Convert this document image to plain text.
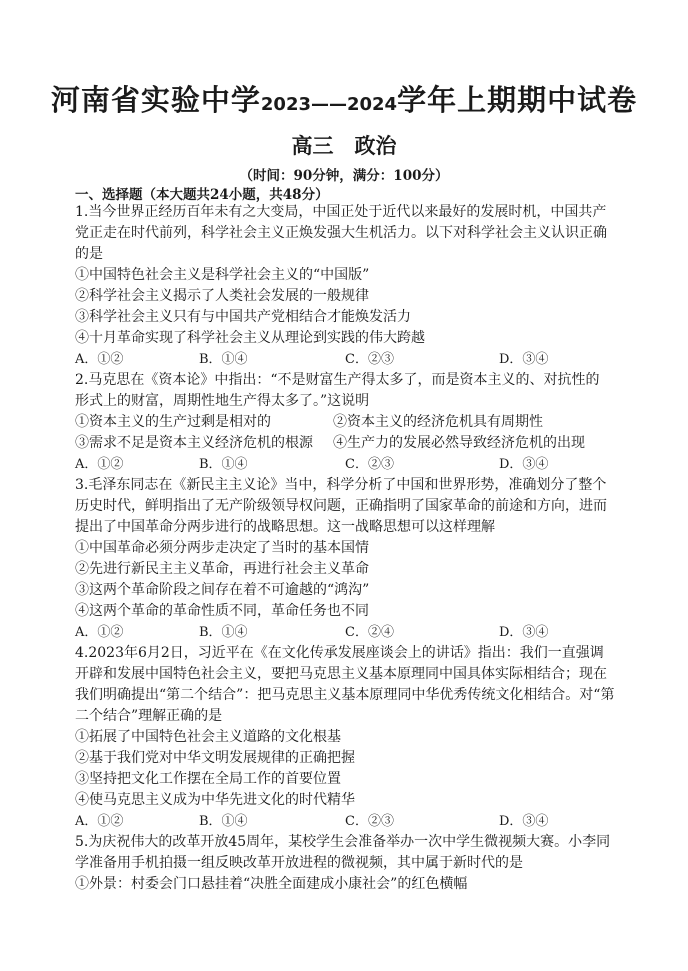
河南省实验中学2023——2024学年上期期中试卷
高三　政治
（时间：90分钟，满分：100分）
一、选择题（本大题共24小题，共48分）

1.当今世界正经历百年未有之大变局，中国正处于近代以来最好的发展时机，中国共产

党正走在时代前列，科学社会主义正焕发强大生机活力。以下对科学社会主义认识正确

的是

①中国特色社会主义是科学社会主义的“中国版”

②科学社会主义揭示了人类社会发展的一般规律

③科学社会主义只有与中国共产党相结合才能焕发活力

④十月革命实现了科学社会主义从理论到实践的伟大跨越

A．①②	B．①④	C．②③	D．③④

2.马克思在《资本论》中指出：“不是财富生产得太多了，而是资本主义的、对抗性的

形式上的财富，周期性地生产得太多了。”这说明

①资本主义的生产过剩是相对的	②资本主义的经济危机具有周期性
③需求不足是资本主义经济危机的根源	④生产力的发展必然导致经济危机的出现
A．①②	B．①④	C．②③	D．③④

3.毛泽东同志在《新民主主义论》当中，科学分析了中国和世界形势，准确划分了整个

历史时代，鲜明指出了无产阶级领导权问题，正确指明了国家革命的前途和方向，进而

提出了中国革命分两步进行的战略思想。这一战略思想可以这样理解

①中国革命必须分两步走决定了当时的基本国情

②先进行新民主主义革命，再进行社会主义革命

③这两个革命阶段之间存在着不可逾越的“鸿沟”

④这两个革命的革命性质不同，革命任务也不同

A．①②	B．①④	C．②④	D．③④

4.2023年6月2日，习近平在《在文化传承发展座谈会上的讲话》指出：我们一直强调

开辟和发展中国特色社会主义，要把马克思主义基本原理同中国具体实际相结合；现在

我们明确提出“第二个结合”：把马克思主义基本原理同中华优秀传统文化相结合。对“第

二个结合”理解正确的是

①拓展了中国特色社会主义道路的文化根基

②基于我们党对中华文明发展规律的正确把握

③坚持把文化工作摆在全局工作的首要位置

④使马克思主义成为中华先进文化的时代精华

A．①②	B．①④	C．②③	D．③④

5.为庆祝伟大的改革开放45周年，某校学生会准备举办一次中学生微视频大赛。小李同

学准备用手机拍摄一组反映改革开放进程的微视频，其中属于新时代的是

①外景：村委会门口悬挂着“决胜全面建成小康社会”的红色横幅
